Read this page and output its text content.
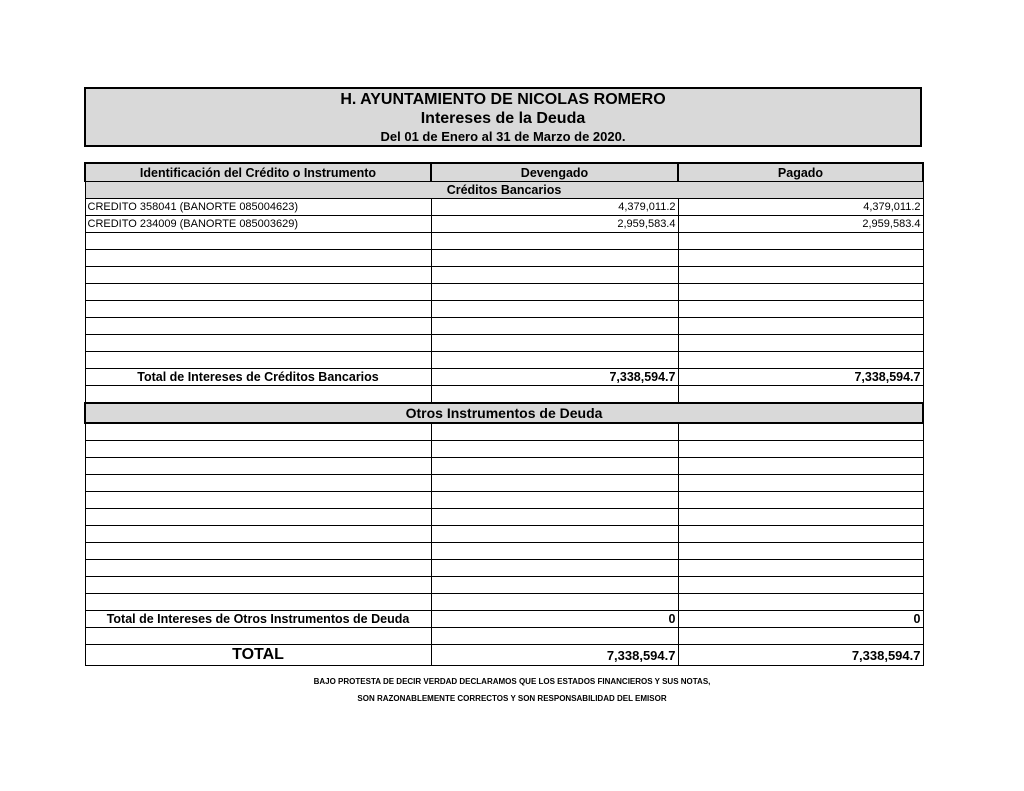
H. AYUNTAMIENTO DE NICOLAS ROMERO
Intereses de la Deuda
Del 01 de Enero al 31 de Marzo de 2020.
Identificación del Crédito o Instrumento	Devengado	Pagado
Créditos Bancarios		
CREDITO 358041 (BANORTE 085004623)	4,379,011.2	4,379,011.2
CREDITO 234009 (BANORTE 085003629)	2,959,583.4	2,959,583.4

Total de Intereses de Créditos Bancarios	7,338,594.7	7,338,594.7

Otros Instrumentos de Deuda		

Total de Intereses de Otros Instrumentos de Deuda	0	0

TOTAL	7,338,594.7	7,338,594.7
BAJO PROTESTA DE DECIR VERDAD DECLARAMOS QUE LOS ESTADOS FINANCIEROS Y SUS NOTAS,
SON RAZONABLEMENTE CORRECTOS Y SON RESPONSABILIDAD DEL EMISOR
